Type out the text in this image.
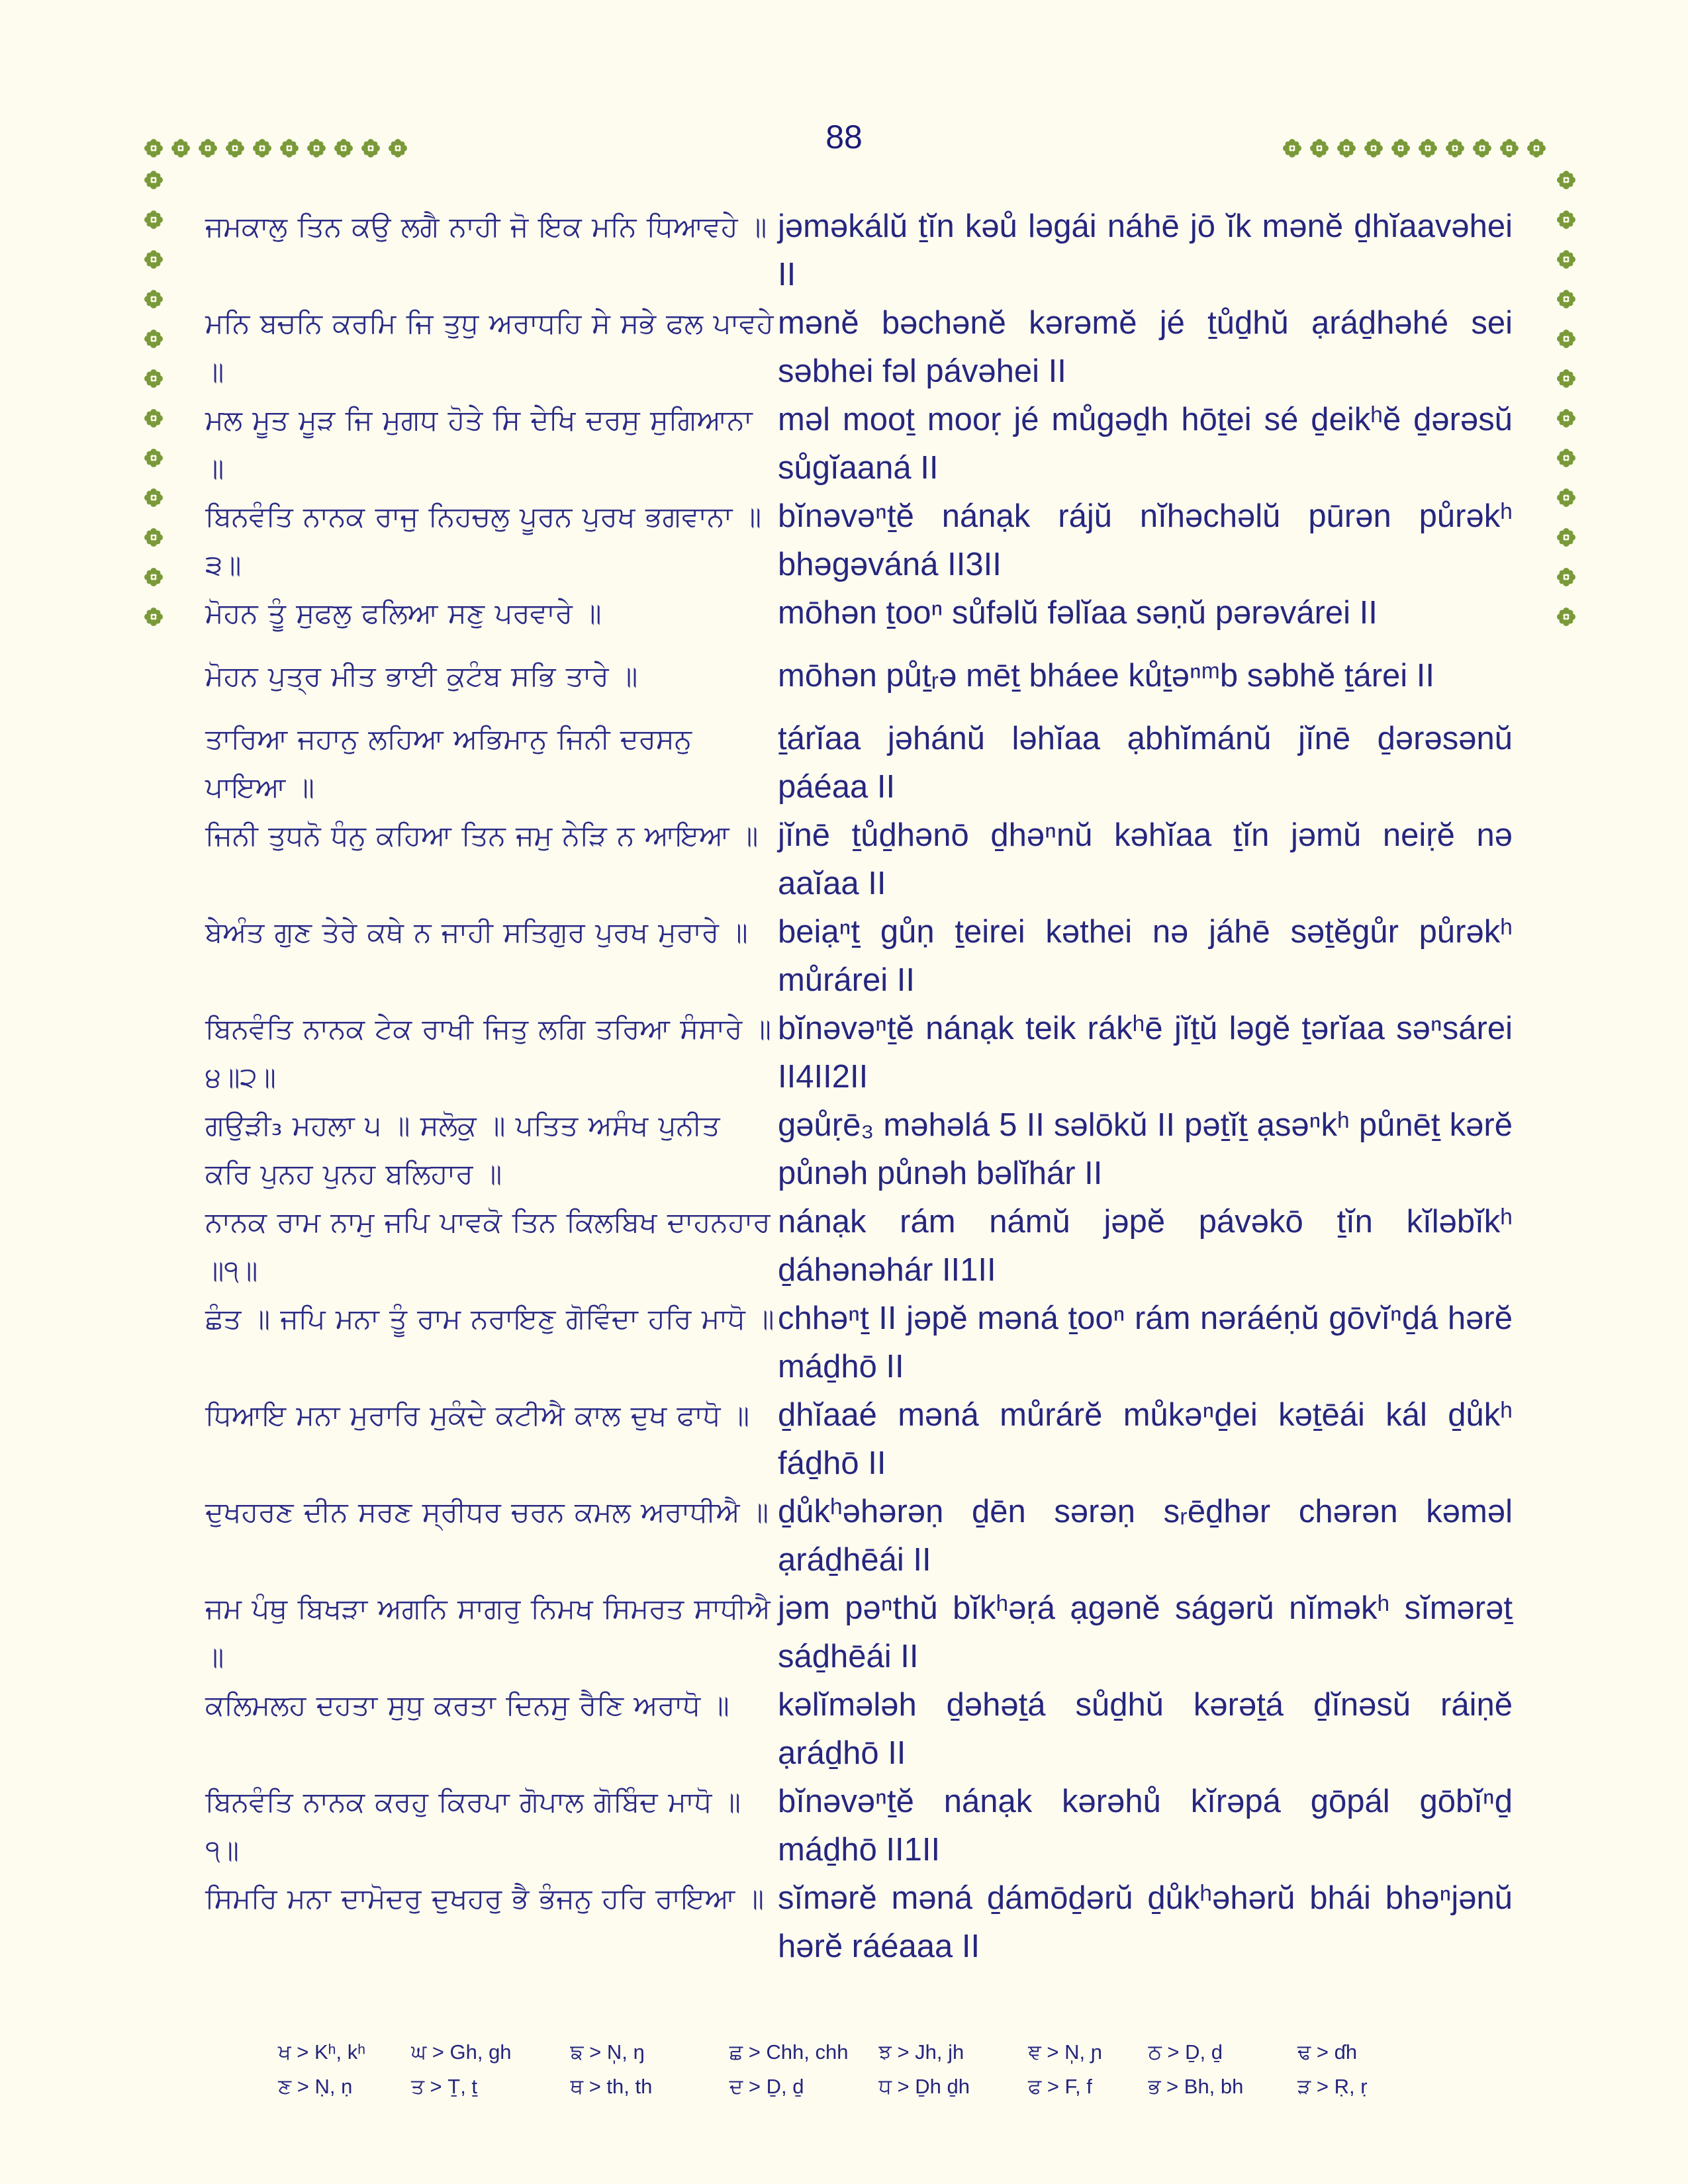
88
ਜਮਕਾਲੁ ਤਿਨ ਕਉ ਲਗੈ ਨਾਹੀ ਜੋ ਇਕ ਮਨਿ ਧਿਆਵਹੇ ॥ jəməkálŭ ṯĭn kəů ləgái náhē jō ĭk mənĕ ḏhĭaavəhei II
ਮਨਿ ਬਚਨਿ ਕਰਮਿ ਜਿ ਤੁਧੁ ਅਰਾਧਹਿ ਸੇ ਸਭੇ ਫਲ ਪਾਵਹੇ ॥
mənĕ bəchənĕ kərəmĕ jé ṯůḏhŭ ạráḏhəhé sei səbhei fəl pávəhei II
ਮਲ ਮੂਤ ਮੂੜ ਜਿ ਮੁਗਧ ਹੋਤੇ ਸਿ ਦੇਖਿ ਦਰਸੁ ਸੁਗਿਆਨਾ ॥
məl mooṯ mooṛ jé můgəḏh hōṯei sé ḏeikʰĕ ḏərəsŭ sůgĭaaná II
ਬਿਨਵੰਤਿ ਨਾਨਕ ਰਾਜੁ ਨਿਹਚਲੁ ਪੂਰਨ ਪੁਰਖ ਭਗਵਾਨਾ ॥੩॥
bĭnəvəⁿṯĕ nánạk rájŭ nĭhəchəlŭ pūrən půrəkʰ bhəgəváná II3II
ਮੋਹਨ ਤੂੰ ਸੁਫਲੁ ਫਲਿਆ ਸਣੁ ਪਰਵਾਰੇ ॥	mōhən ṯooⁿ sůfəlŭ fəlĭaa səṇŭ pərəvárei II
ਮੋਹਨ ਪੁਤ੍ਰ ਮੀਤ ਭਾਈ ਕੁਟੰਬ ਸਭਿ ਤਾਰੇ ॥	mōhən půṯᵣə mēṯ bháee kůṯəⁿᵐb səbhĕ ṯárei II
ਤਾਰਿਆ ਜਹਾਨੁ ਲਹਿਆ ਅਭਿਮਾਨੁ ਜਿਨੀ ਦਰਸਨੁ ਪਾਇਆ ॥
ṯárĭaa jəhánŭ ləhĭaa ạbhĭmánŭ jĭnē ḏərəsənŭ páéaa II
ਜਿਨੀ ਤੁਧਨੋ ਧੰਨੁ ਕਹਿਆ ਤਿਨ ਜਮੁ ਨੇੜਿ ਨ ਆਇਆ ॥ jĭnē ṯůḏhənō ḏhəⁿnŭ kəhĭaa ṯĭn jəmŭ neiṛĕ nə aaĭaa II
ਬੇਅੰਤ ਗੁਣ ਤੇਰੇ ਕਥੇ ਨ ਜਾਹੀ ਸਤਿਗੁਰ ਪੁਰਖ ਮੁਰਾਰੇ ॥ beiạⁿṯ gůṇ ṯeirei kəthei nə jáhē səṯĕgůr půrəkʰ můrárei II
ਬਿਨਵੰਤਿ ਨਾਨਕ ਟੇਕ ਰਾਖੀ ਜਿਤੁ ਲਗਿ ਤਰਿਆ ਸੰਸਾਰੇ ॥੪॥੨॥
bĭnəvəⁿṯĕ nánạk teik rákʰē jĭṯŭ ləgĕ ṯərĭaa səⁿsárei II4II2II
ਗਉੜੀ₃ ਮਹਲਾ ੫ ॥ ਸਲੋਕੁ ॥ ਪਤਿਤ ਅਸੰਖ ਪੁਨੀਤ ਕਰਿ ਪੁਨਹ ਪੁਨਹ ਬਲਿਹਾਰ ॥
gəůṛē₃ məhəlá 5 II səlōkŭ II pəṯĭṯ ạsəⁿkʰ půnēṯ kərĕ půnəh půnəh bəlĭhár II
ਨਾਨਕ ਰਾਮ ਨਾਮੁ ਜਪਿ ਪਾਵਕੋ ਤਿਨ ਕਿਲਬਿਖ ਦਾਹਨਹਾਰ ॥੧॥
nánạk rám námŭ jəpĕ pávəkō ṯĭn kĭləbĭkʰ ḏáhənəhár II1II
ਛੰਤ ॥ ਜਪਿ ਮਨਾ ਤੂੰ ਰਾਮ ਨਰਾਇਣੁ ਗੋਵਿੰਦਾ ਹਰਿ ਮਾਧੋ ॥ chhəⁿṯ II jəpĕ məná ṯooⁿ rám nəráéṇŭ gōvĭⁿḏá hərĕ máḏhō II
ਧਿਆਇ ਮਨਾ ਮੁਰਾਰਿ ਮੁਕੰਦੇ ਕਟੀਐ ਕਾਲ ਦੁਖ ਫਾਧੋ ॥ ḏhĭaaé məná můrárĕ můkəⁿḏei kəṯēái kál ḏůkʰ fáḏhō II
ਦੁਖਹਰਣ ਦੀਨ ਸਰਣ ਸ੍ਰੀਧਰ ਚਰਨ ਕਮਲ ਅਰਾਧੀਐ ॥ ḏůkʰəhərəṇ ḏēn sərəṇ sᵣēḏhər chərən kəməl ạráḏhēái II
ਜਮ ਪੰਥੁ ਬਿਖੜਾ ਅਗਨਿ ਸਾਗਰੁ ਨਿਮਖ ਸਿਮਰਤ ਸਾਧੀਐ ॥
jəm pəⁿthŭ bĭkʰəṛá ạgənĕ ságərŭ nĭməkʰ sĭmərəṯ sáḏhēái II
ਕਲਿਮਲਹ ਦਹਤਾ ਸੁਧੁ ਕਰਤਾ ਦਿਨਸੁ ਰੈਣਿ ਅਰਾਧੋ ॥	kəlĭmələh ḏəhəṯá sůḏhŭ kərəṯá ḏĭnəsŭ ráiṇĕ ạráḏhō II
ਬਿਨਵੰਤਿ ਨਾਨਕ ਕਰਹੁ ਕਿਰਪਾ ਗੋਪਾਲ ਗੋਬਿੰਦ ਮਾਧੋ ॥੧॥
bĭnəvəⁿṯĕ nánạk kərəhů kĭrəpá gōpál gōbĭⁿḏ máḏhō II1II
ਸਿਮਰਿ ਮਨਾ ਦਾਮੋਦਰੁ ਦੁਖਹਰੁ ਭੈ ਭੰਜਨੁ ਹਰਿ ਰਾਇਆ ॥ sĭmərĕ məná ḏámōḏərŭ ḏůkʰəhərŭ bhái bhəⁿjənŭ hərĕ ráéaaa II
ਖ > Kʰ, kʰ	ਘ > Gh, gh	ਙ > N̩, ŋ	ਛ > Chh, chh	ਝ > Jh, jh	ਞ > N̩, ɲ	ਠ > Ḏ, ḏ	ਢ > ɗh
ਣ > Ṇ, ṇ	ਤ > Ṯ, ṯ	ਥ > th, th	ਦ > Ḏ, ḏ	ਧ > Ḏh ḏh	ਫ > F, f	ਭ > Bh, bh	ੜ > Ṛ, ṛ
